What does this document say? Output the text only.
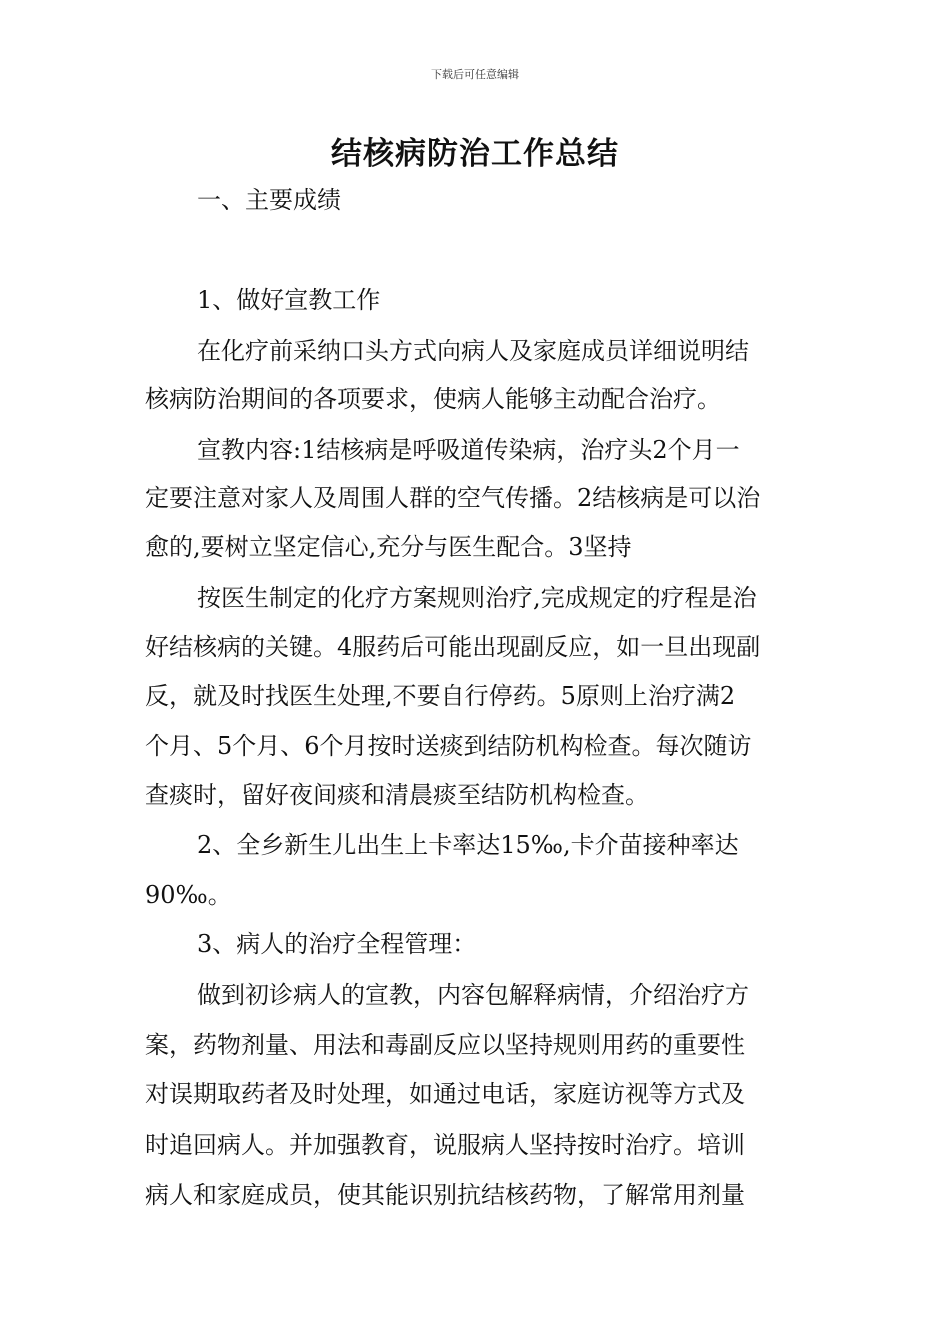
下载后可任意编辑
结核病防治工作总结
一、主要成绩
1、做好宣教工作
在化疗前采纳口头方式向病人及家庭成员详细说明结
核病防治期间的各项要求，使病人能够主动配合治疗。
宣教内容:1结核病是呼吸道传染病，治疗头2个月一
定要注意对家人及周围人群的空气传播。2结核病是可以治
愈的,要树立坚定信心,充分与医生配合。3坚持
按医生制定的化疗方案规则治疗,完成规定的疗程是治
好结核病的关键。4服药后可能出现副反应，如一旦出现副
反，就及时找医生处理,不要自行停药。5原则上治疗满2
个月、5个月、6个月按时送痰到结防机构检查。每次随访
查痰时，留好夜间痰和清晨痰至结防机构检查。
2、全乡新生儿出生上卡率达15‰,卡介苗接种率达
90‰。
3、病人的治疗全程管理：
做到初诊病人的宣教，内容包解释病情，介绍治疗方
案，药物剂量、用法和毒副反应以坚持规则用药的重要性
对误期取药者及时处理，如通过电话，家庭访视等方式及
时追回病人。并加强教育，说服病人坚持按时治疗。培训
病人和家庭成员，使其能识别抗结核药物，了解常用剂量
